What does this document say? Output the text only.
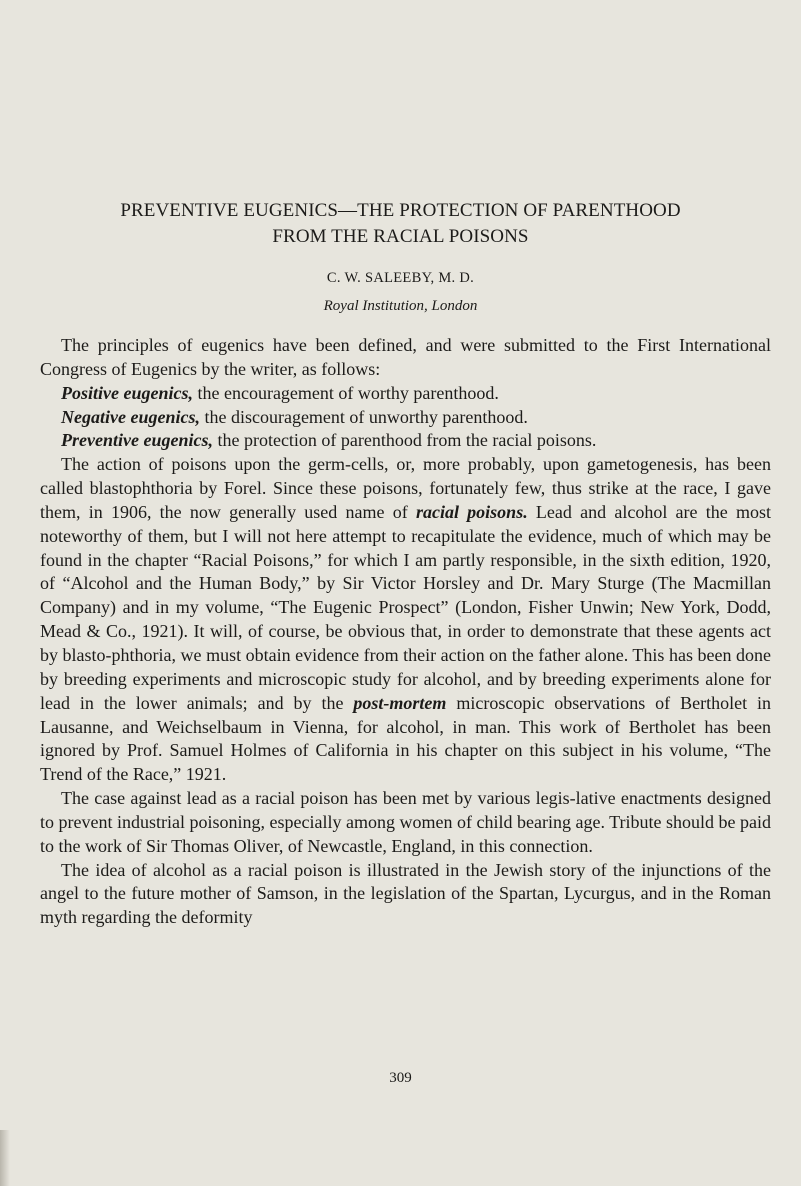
PREVENTIVE EUGENICS—THE PROTECTION OF PARENTHOOD
FROM THE RACIAL POISONS
C. W. SALEEBY, M. D.
Royal Institution, London

The principles of eugenics have been defined, and were submitted to the First International Congress of Eugenics by the writer, as follows:

Positive eugenics, the encouragement of worthy parenthood.

Negative eugenics, the discouragement of unworthy parenthood.

Preventive eugenics, the protection of parenthood from the racial poisons.

The action of poisons upon the germ-cells, or, more probably, upon gametogenesis, has been called blastophthoria by Forel. Since these poisons, fortunately few, thus strike at the race, I gave them, in 1906, the now generally used name of racial poisons. Lead and alcohol are the most noteworthy of them, but I will not here attempt to recapitulate the evidence, much of which may be found in the chapter “Racial Poisons,” for which I am partly responsible, in the sixth edition, 1920, of “Alcohol and the Human Body,” by Sir Victor Horsley and Dr. Mary Sturge (The Macmillan Company) and in my volume, “The Eugenic Prospect” (London, Fisher Unwin; New York, Dodd, Mead & Co., 1921). It will, of course, be obvious that, in order to demonstrate that these agents act by blasto-phthoria, we must obtain evidence from their action on the father alone. This has been done by breeding experiments and microscopic study for alcohol, and by breeding experiments alone for lead in the lower animals; and by the post-mortem microscopic observations of Bertholet in Lausanne, and Weichselbaum in Vienna, for alcohol, in man. This work of Bertholet has been ignored by Prof. Samuel Holmes of California in his chapter on this subject in his volume, “The Trend of the Race,” 1921.

The case against lead as a racial poison has been met by various legis-lative enactments designed to prevent industrial poisoning, especially among women of child bearing age. Tribute should be paid to the work of Sir Thomas Oliver, of Newcastle, England, in this connection.

The idea of alcohol as a racial poison is illustrated in the Jewish story of the injunctions of the angel to the future mother of Samson, in the legislation of the Spartan, Lycurgus, and in the Roman myth regarding the deformity

309
